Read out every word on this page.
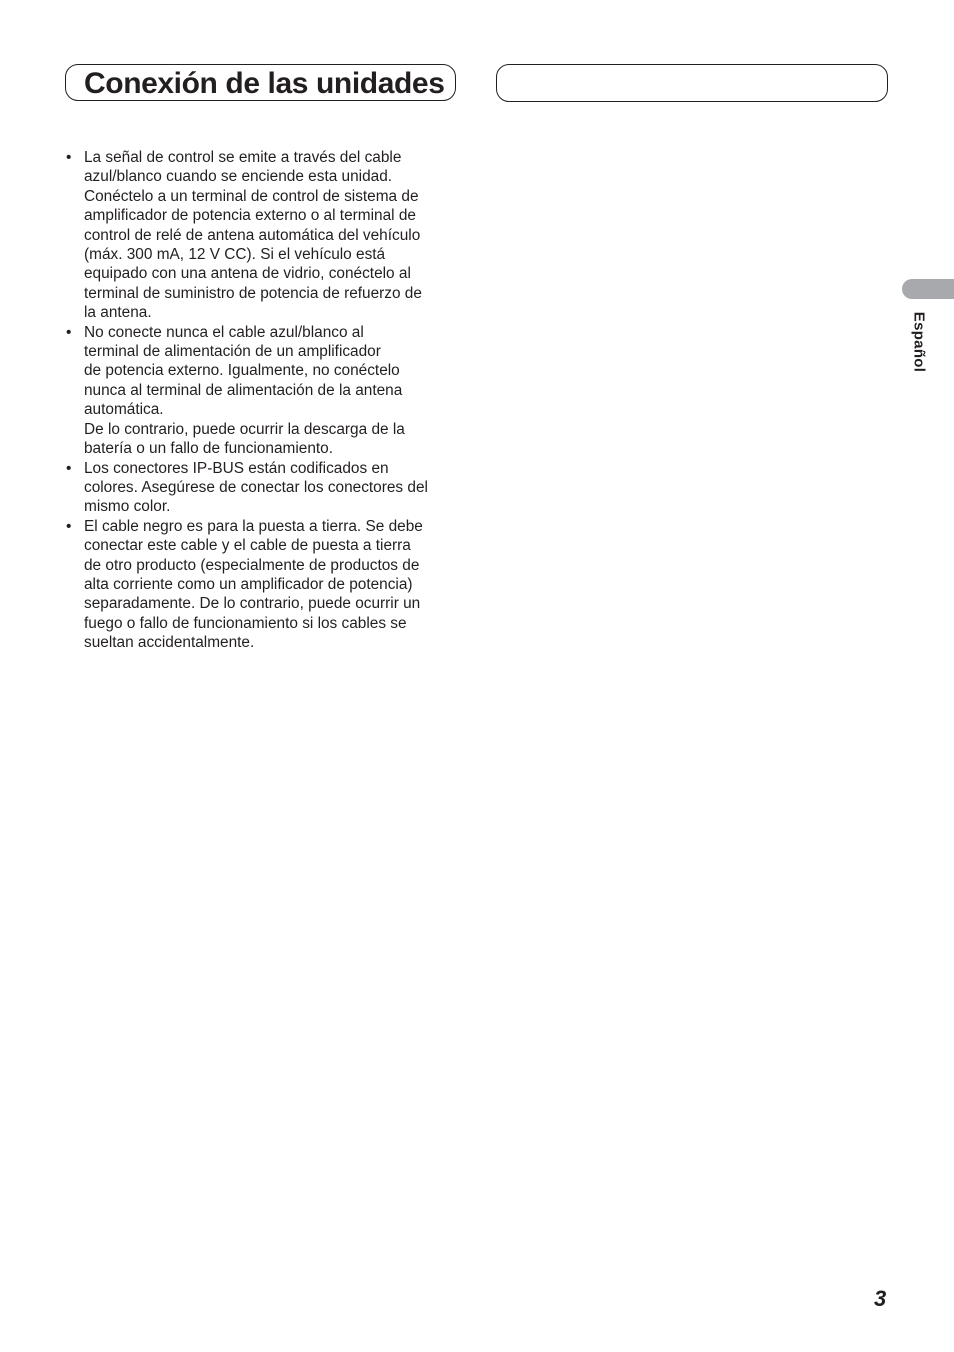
Conexión de las unidades
• La señal de control se emite a través del cable
azul/blanco cuando se enciende esta unidad.
Conéctelo a un terminal de control de sistema de
amplificador de potencia externo o al terminal de
control de relé de antena automática del vehículo
(máx. 300 mA, 12 V CC). Si el vehículo está
equipado con una antena de vidrio, conéctelo al
terminal de suministro de potencia de refuerzo de
la antena.
• No conecte nunca el cable azul/blanco al
terminal de alimentación de un amplificador
de potencia externo. Igualmente, no conéctelo
nunca al terminal de alimentación de la antena
automática.
De lo contrario, puede ocurrir la descarga de la
batería o un fallo de funcionamiento.
• Los conectores IP-BUS están codificados en
colores. Asegúrese de conectar los conectores del
mismo color.
• El cable negro es para la puesta a tierra. Se debe
conectar este cable y el cable de puesta a tierra
de otro producto (especialmente de productos de
alta corriente como un amplificador de potencia)
separadamente. De lo contrario, puede ocurrir un
fuego o fallo de funcionamiento si los cables se
sueltan accidentalmente.
Español
3
